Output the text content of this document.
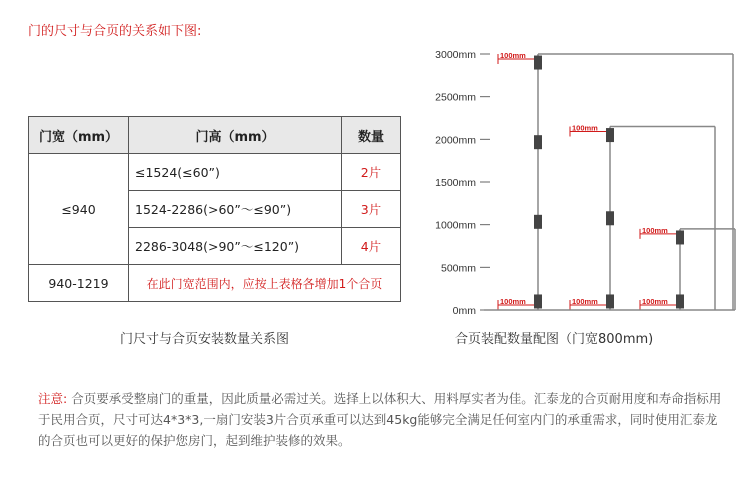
门的尺寸与合页的关系如下图:
门宽（mm）	门高（mm）	数量
≤940	≤1524(≤60”)	2片
	1524-2286(>60”～≤90”)	3片
	2286-3048(>90”～≤120”)	4片
940-1219	在此门宽范围内，应按上表格各增加1个合页	
门尺寸与合页安装数量关系图
3000mm
2500mm
2000mm
1500mm
1000mm
500mm
0mm
100mm
100mm
100mm
100mm
100mm
100mm
合页装配数量配图（门宽800mm)
注意: 合页要承受整扇门的重量，因此质量必需过关。选择上以体积大、用料厚实者为佳。汇泰龙的合页耐用度和寿命指标用于民用合页，尺寸可达4*3*3,一扇门安装3片合页承重可以达到45kg能够完全满足任何室内门的承重需求，同时使用汇泰龙的合页也可以更好的保护您房门，起到维护装修的效果。
